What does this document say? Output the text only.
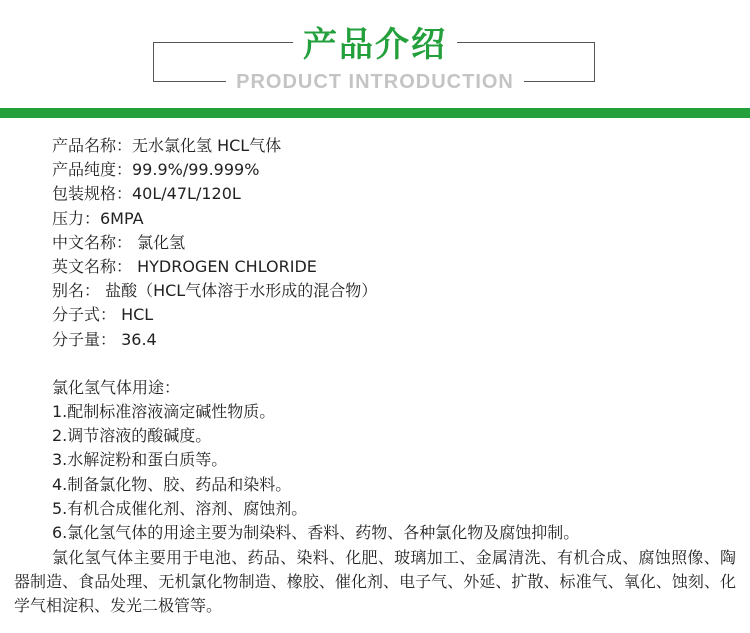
产品介绍
PRODUCT INTRODUCTION
产品名称：无水氯化氢 HCL气体
产品纯度：99.9%/99.999%
包装规格：40L/47L/120L
压力：6MPA
中文名称： 氯化氢
英文名称： HYDROGEN CHLORIDE
别名： 盐酸（HCL气体溶于水形成的混合物）
分子式： HCL
分子量： 36.4
氯化氢气体用途：
1.配制标准溶液滴定碱性物质。
2.调节溶液的酸碱度。
3.水解淀粉和蛋白质等。
4.制备氯化物、胶、药品和染料。
5.有机合成催化剂、溶剂、腐蚀剂。
6.氯化氢气体的用途主要为制染料、香料、药物、各种氯化物及腐蚀抑制。
氯化氢气体主要用于电池、药品、染料、化肥、玻璃加工、金属清洗、有机合成、腐蚀照像、陶器制造、食品处理、无机氯化物制造、橡胶、催化剂、电子气、外延、扩散、标准气、氧化、蚀刻、化学气相淀积、发光二极管等。
